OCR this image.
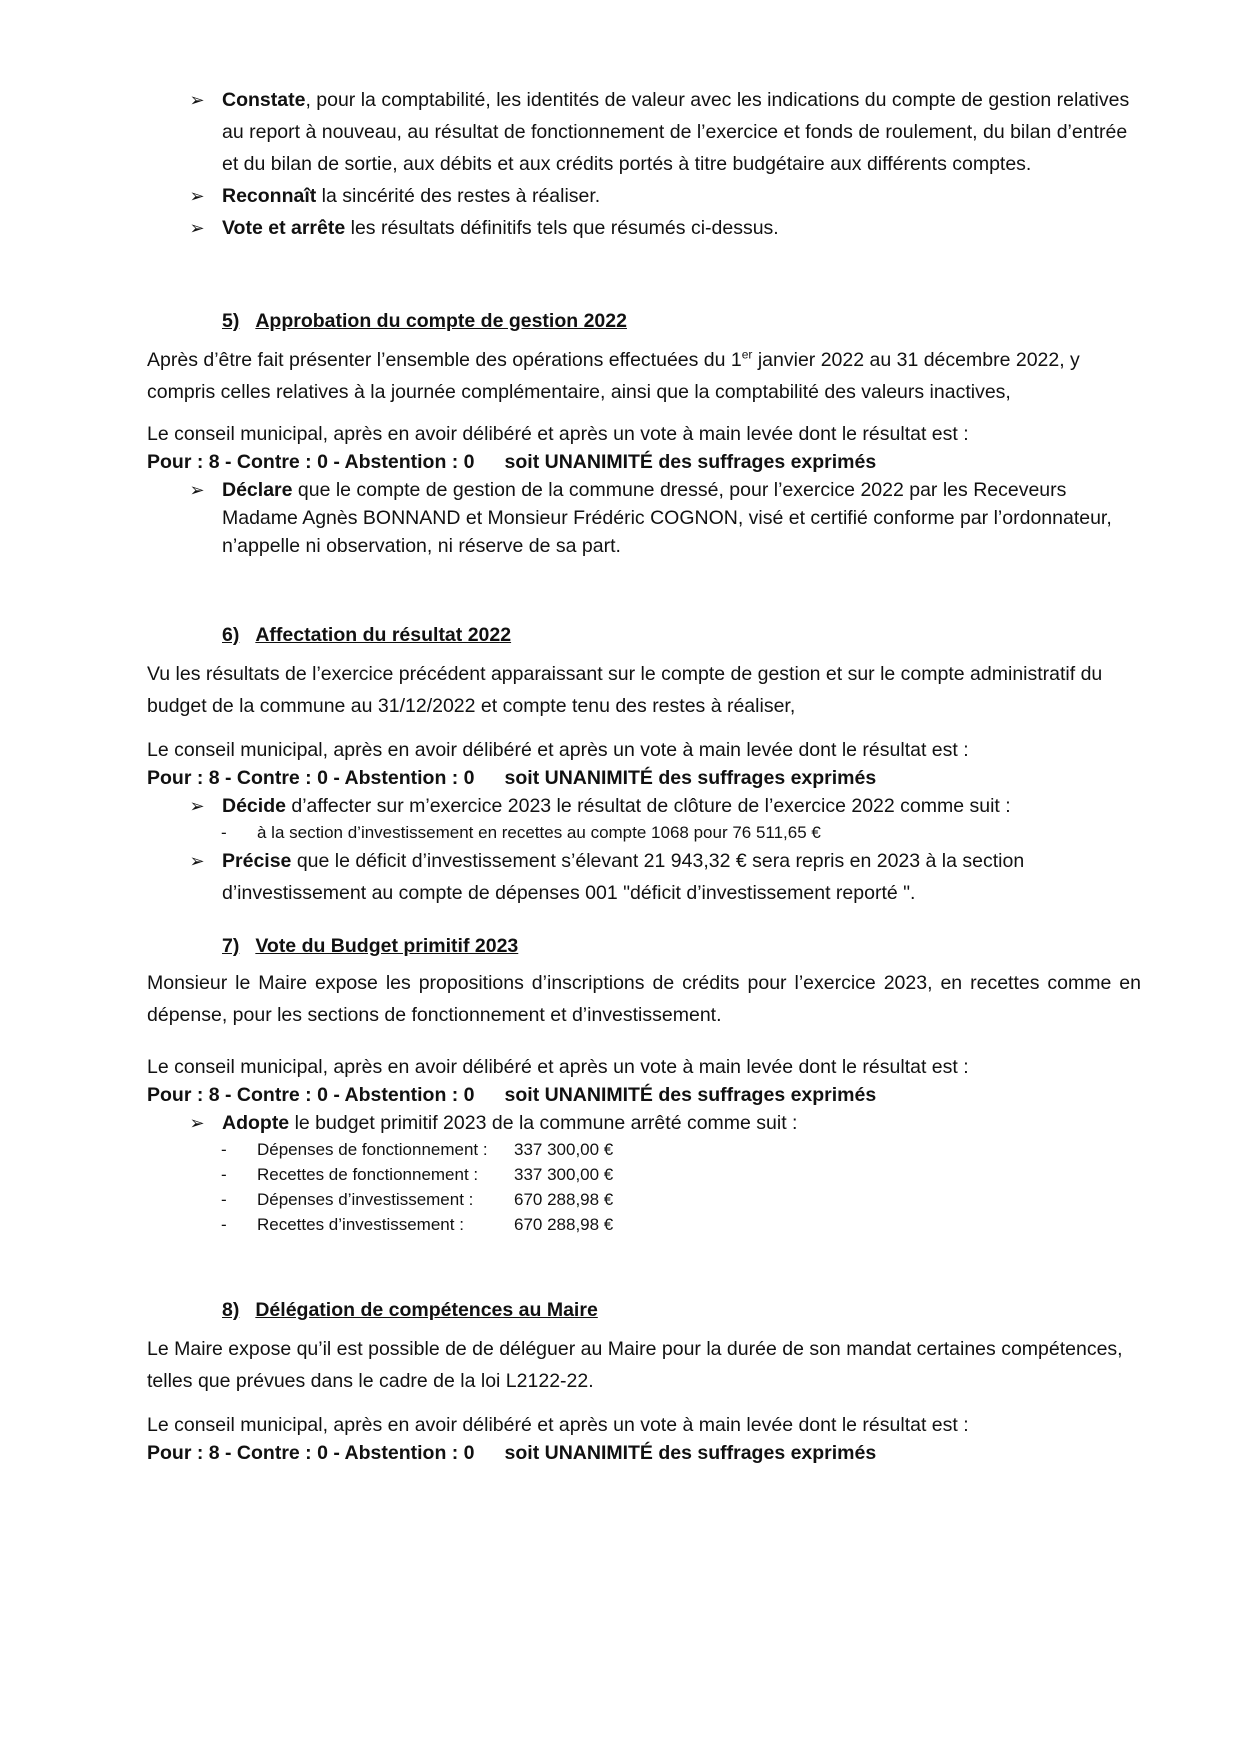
➢ Constate, pour la comptabilité, les identités de valeur avec les indications du compte de gestion relatives au report à nouveau, au résultat de fonctionnement de l’exercice et fonds de roulement, du bilan d’entrée et du bilan de sortie, aux débits et aux crédits portés à titre budgétaire aux différents comptes.
➢ Reconnaît la sincérité des restes à réaliser.
➢ Vote et arrête les résultats définitifs tels que résumés ci-dessus.
5) Approbation du compte de gestion 2022

Après d’être fait présenter l’ensemble des opérations effectuées du 1er janvier 2022 au 31 décembre 2022, y compris celles relatives à la journée complémentaire, ainsi que la comptabilité des valeurs inactives,

Le conseil municipal, après en avoir délibéré et après un vote à main levée dont le résultat est :

Pour : 8 - Contre : 0 - Abstention : 0 soit UNANIMITÉ des suffrages exprimés

➢ Déclare que le compte de gestion de la commune dressé, pour l’exercice 2022 par les Receveurs Madame Agnès BONNAND et Monsieur Frédéric COGNON, visé et certifié conforme par l’ordonnateur, n’appelle ni observation, ni réserve de sa part.
6) Affectation du résultat 2022

Vu les résultats de l’exercice précédent apparaissant sur le compte de gestion et sur le compte administratif du budget de la commune au 31/12/2022 et compte tenu des restes à réaliser,

Le conseil municipal, après en avoir délibéré et après un vote à main levée dont le résultat est :

Pour : 8 - Contre : 0 - Abstention : 0 soit UNANIMITÉ des suffrages exprimés

➢ Décide d’affecter sur m’exercice 2023 le résultat de clôture de l’exercice 2022 comme suit :
- à la section d’investissement en recettes au compte 1068 pour 76 511,65 €
➢ Précise que le déficit d’investissement s’élevant 21 943,32 € sera repris en 2023 à la section d’investissement au compte de dépenses 001 "déficit d’investissement reporté ".
7) Vote du Budget primitif 2023

Monsieur le Maire expose les propositions d’inscriptions de crédits pour l’exercice 2023, en recettes comme en dépense, pour les sections de fonctionnement et d’investissement.

Le conseil municipal, après en avoir délibéré et après un vote à main levée dont le résultat est :

Pour : 8 - Contre : 0 - Abstention : 0 soit UNANIMITÉ des suffrages exprimés

➢ Adopte le budget primitif 2023 de la commune arrêté comme suit :
- Dépenses de fonctionnement : 337 300,00 €
- Recettes de fonctionnement : 337 300,00 €
- Dépenses d’investissement : 670 288,98 €
- Recettes d’investissement :	670 288,98 €
8) Délégation de compétences au Maire

Le Maire expose qu’il est possible de de déléguer au Maire pour la durée de son mandat certaines compétences, telles que prévues dans le cadre de la loi L2122-22.

Le conseil municipal, après en avoir délibéré et après un vote à main levée dont le résultat est :

Pour : 8 - Contre : 0 - Abstention : 0 soit UNANIMITÉ des suffrages exprimés
